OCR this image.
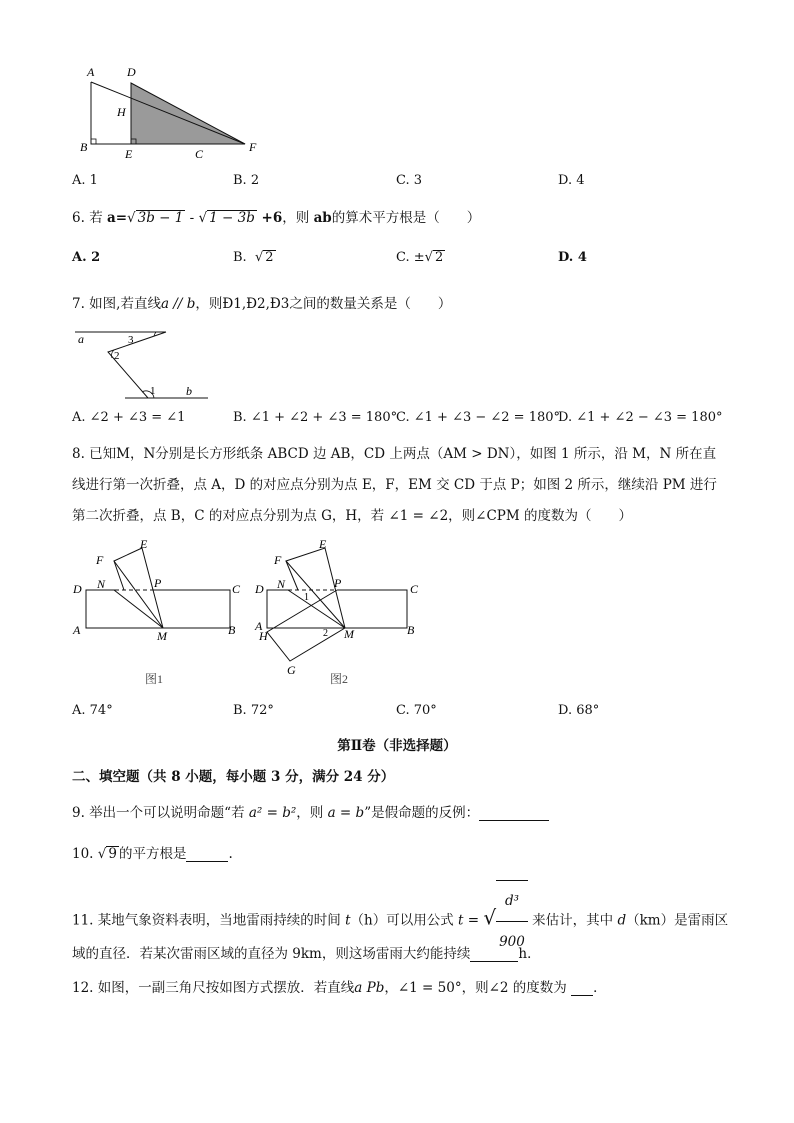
A	D
H
B	E	C	F
A. 1	B. 2	C. 3	D. 4
6. 若 a=√ 3b − 1 - √ 1 − 3b +6，则 ab的算术平方根是（　　）
A. 2	B.  √ 2	C. ±√ 2	D. 4
7. 如图,若直线a // b，则Ð1,Ð2,Ð3之间的数量关系是（　　）
a	3
2
1	b
A. ∠2 + ∠3 = ∠1	B. ∠1 + ∠2 + ∠3 = 180°
C. ∠1 + ∠3 − ∠2 = 180°
D. ∠1 + ∠2 − ∠3 = 180°
8. 已知M，N分别是长方形纸条 ABCD 边 AB，CD 上两点（AM > DN），如图 1 所示，沿 M，N 所在直
线进行第一次折叠，点 A，D 的对应点分别为点 E，F，EM 交 CD 于点 P；如图 2 所示，继续沿 PM 进行
第二次折叠，点 B，C 的对应点分别为点 G，H，若 ∠1 = ∠2，则∠CPM 的度数为（　　）
F
E
D N	P	C
A	M	B
图1
F
E
D N	P	C
A
H
1
2 M	B
G
图2
A. 74°	B. 72°	C. 70°	D. 68°
第Ⅱ卷（非选择题）
二、填空题（共 8 小题，每小题 3 分，满分 24 分）
9. 举出一个可以说明命题“若 a² = b²，则 a = b”是假命题的反例：
10. √ 9 的平方根是	.
11. 某地气象资料表明，当地雷雨持续的时间 t（h）可以用公式 t = √ $\frac{\text{d³}}{900}$ 来估计，其中 d（km）是雷雨区
域的直径．若某次雷雨区域的直径为 9km，则这场雷雨大约能持续	h．
12. 如图，一副三角尺按如图方式摆放．若直线a Pb，∠1 = 50°，则∠2 的度数为 ．
